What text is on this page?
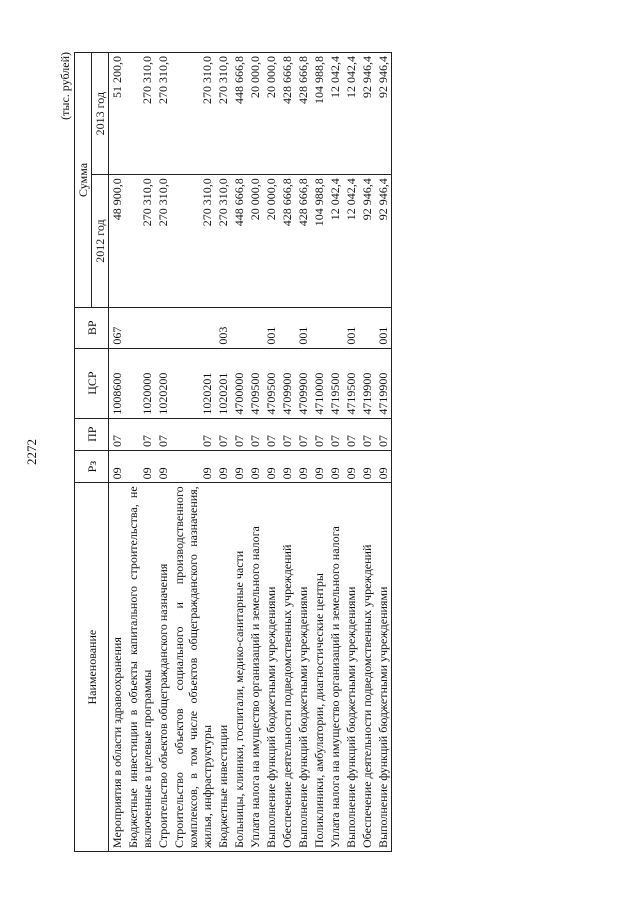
2272
(тыс. рублей)
Наименование	Рз	ПР	ЦСР	ВР	Сумма	
					2012 год	2013 год
Мероприятия в области здравоохранения	09	07	1008600	067	48 900,0	51 200,0
Бюджетные инвестиции в объекты капитального строительства, не включенные в целевые программы	09	07	1020000		270 310,0	270 310,0
Строительство объектов общегражданского назначения	09	07	1020200		270 310,0	270 310,0
Строительство объектов социального и производственного комплексов, в том числе объектов общегражданского назначения, жилья, инфраструктуры	09	07	1020201		270 310,0	270 310,0
Бюджетные инвестиции	09	07	1020201	003	270 310,0	270 310,0
Больницы, клиники, госпитали, медико-санитарные части	09	07	4700000		448 666,8	448 666,8
Уплата налога на имущество организаций и земельного налога	09	07	4709500		20 000,0	20 000,0
Выполнение функций бюджетными учреждениями	09	07	4709500	001	20 000,0	20 000,0
Обеспечение деятельности подведомственных учреждений	09	07	4709900		428 666,8	428 666,8
Выполнение функций бюджетными учреждениями	09	07	4709900	001	428 666,8	428 666,8
Поликлиники, амбулатории, диагностические центры	09	07	4710000		104 988,8	104 988,8
Уплата налога на имущество организаций и земельного налога	09	07	4719500		12 042,4	12 042,4
Выполнение функций бюджетными учреждениями	09	07	4719500	001	12 042,4	12 042,4
Обеспечение деятельности подведомственных учреждений	09	07	4719900		92 946,4	92 946,4
Выполнение функций бюджетными учреждениями	09	07	4719900	001	92 946,4	92 946,4
